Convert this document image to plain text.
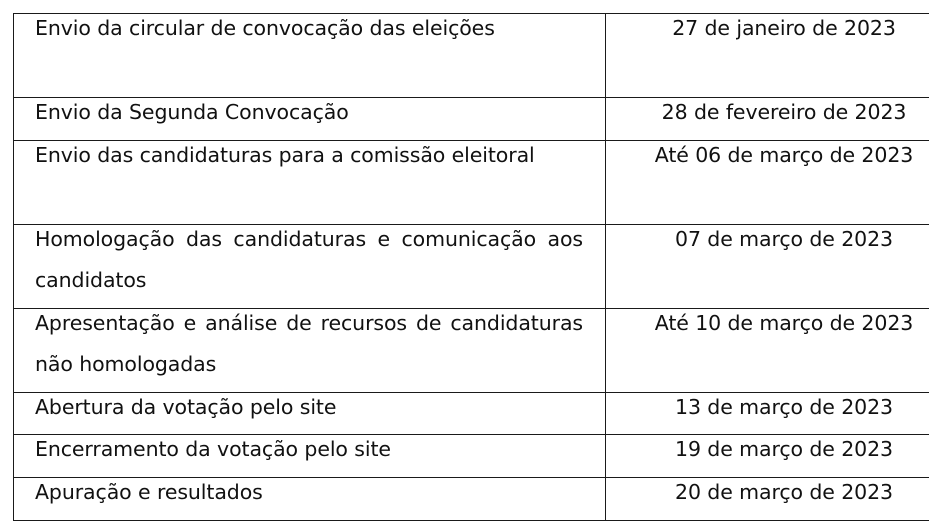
Envio da circular de convocação das eleições	27 de janeiro de 2023

Envio da Segunda Convocação	28 de fevereiro de 2023

Envio das candidaturas para a comissão eleitoral	Até 06 de março de 2023

Homologação das candidaturas e comunicação aos candidatos	07 de março de 2023

Apresentação e análise de recursos de candidaturas não homologadas	Até 10 de março de 2023

Abertura da votação pelo site	13 de março de 2023

Encerramento da votação pelo site	19 de março de 2023

Apuração e resultados	20 de março de 2023
